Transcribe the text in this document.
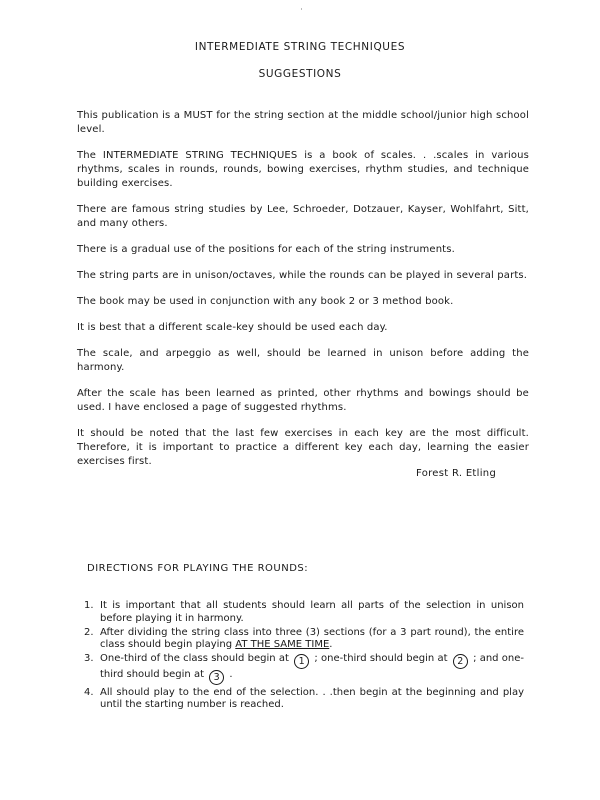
INTERMEDIATE STRING TECHNIQUES
SUGGESTIONS

This publication is a MUST for the string section at the middle school/junior high school level.

The INTERMEDIATE STRING TECHNIQUES is a book of scales. . .scales in various rhythms, scales in rounds, rounds, bowing exercises, rhythm studies, and technique building exercises.

There are famous string studies by Lee, Schroeder, Dotzauer, Kayser, Wohlfahrt, Sitt, and many others.

There is a gradual use of the positions for each of the string instruments.

The string parts are in unison/octaves, while the rounds can be played in several parts.

The book may be used in conjunction with any book 2 or 3 method book.

It is best that a different scale-key should be used each day.

The scale, and arpeggio as well, should be learned in unison before adding the harmony.

After the scale has been learned as printed, other rhythms and bowings should be used. I have enclosed a page of suggested rhythms.

It should be noted that the last few exercises in each key are the most difficult. Therefore, it is important to practice a different key each day, learning the easier exercises first.

Forest R. Etling
DIRECTIONS FOR PLAYING THE ROUNDS:
1. It is important that all students should learn all parts of the selection in unison before playing it in harmony.
2. After dividing the string class into three (3) sections (for a 3 part round), the entire class should begin playing AT THE SAME TIME.
3. One-third of the class should begin at 1 ; one-third should begin at 2 ; and one-third should begin at 3 .
4. All should play to the end of the selection. . .then begin at the beginning and play until the starting number is reached.
